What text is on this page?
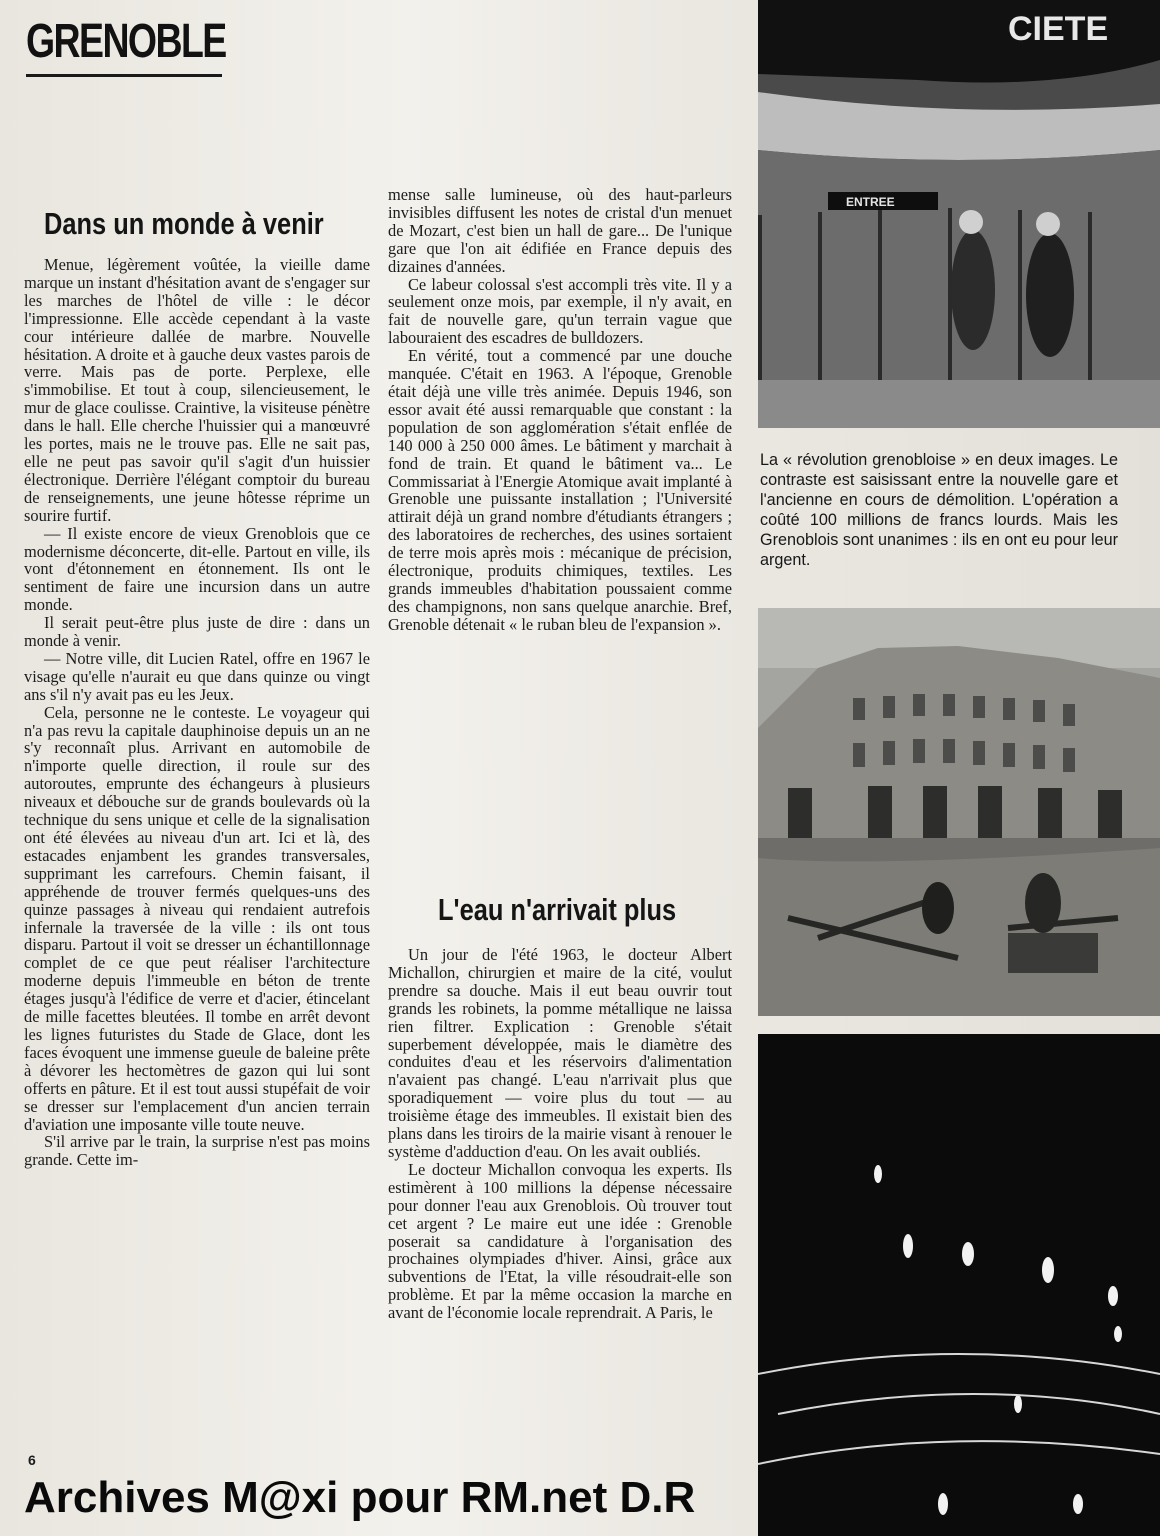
GRENOBLE
Dans un monde à venir

Menue, légèrement voûtée, la vieille dame marque un instant d'hésitation avant de s'engager sur les marches de l'hôtel de ville : le décor l'impressionne. Elle accède cependant à la vaste cour intérieure dallée de marbre. Nouvelle hésitation. A droite et à gauche deux vastes parois de verre. Mais pas de porte. Perplexe, elle s'immobilise. Et tout à coup, silencieusement, le mur de glace coulisse. Craintive, la visiteuse pénètre dans le hall. Elle cherche l'huissier qui a manœuvré les portes, mais ne le trouve pas. Elle ne sait pas, elle ne peut pas savoir qu'il s'agit d'un huissier électronique. Derrière l'élégant comptoir du bureau de renseignements, une jeune hôtesse réprime un sourire furtif.

— Il existe encore de vieux Grenoblois que ce modernisme déconcerte, dit-elle. Partout en ville, ils vont d'étonnement en étonnement. Ils ont le sentiment de faire une incursion dans un autre monde.

Il serait peut-être plus juste de dire : dans un monde à venir.

— Notre ville, dit Lucien Ratel, offre en 1967 le visage qu'elle n'aurait eu que dans quinze ou vingt ans s'il n'y avait pas eu les Jeux.

Cela, personne ne le conteste. Le voyageur qui n'a pas revu la capitale dauphinoise depuis un an ne s'y reconnaît plus. Arrivant en automobile de n'importe quelle direction, il roule sur des autoroutes, emprunte des échangeurs à plusieurs niveaux et débouche sur de grands boulevards où la technique du sens unique et celle de la signalisation ont été élevées au niveau d'un art. Ici et là, des estacades enjambent les grandes transversales, supprimant les carrefours. Chemin faisant, il appréhende de trouver fermés quelques-uns des quinze passages à niveau qui rendaient autrefois infernale la traversée de la ville : ils ont tous disparu. Partout il voit se dresser un échantillonnage complet de ce que peut réaliser l'architecture moderne depuis l'immeuble en béton de trente étages jusqu'à l'édifice de verre et d'acier, étincelant de mille facettes bleutées. Il tombe en arrêt devont les lignes futuristes du Stade de Glace, dont les faces évoquent une immense gueule de baleine prête à dévorer les hectomètres de gazon qui lui sont offerts en pâture. Et il est tout aussi stupéfait de voir se dresser sur l'emplacement d'un ancien terrain d'aviation une imposante ville toute neuve.

S'il arrive par le train, la surprise n'est pas moins grande. Cette im-

mense salle lumineuse, où des haut-parleurs invisibles diffusent les notes de cristal d'un menuet de Mozart, c'est bien un hall de gare... De l'unique gare que l'on ait édifiée en France depuis des dizaines d'années.

Ce labeur colossal s'est accompli très vite. Il y a seulement onze mois, par exemple, il n'y avait, en fait de nouvelle gare, qu'un terrain vague que labouraient des escadres de bulldozers.

En vérité, tout a commencé par une douche manquée. C'était en 1963. A l'époque, Grenoble était déjà une ville très animée. Depuis 1946, son essor avait été aussi remarquable que constant : la population de son agglomération s'était enflée de 140 000 à 250 000 âmes. Le bâtiment y marchait à fond de train. Et quand le bâtiment va... Le Commissariat à l'Energie Atomique avait implanté à Grenoble une puissante installation ; l'Université attirait déjà un grand nombre d'étudiants étrangers ; des laboratoires de recherches, des usines sortaient de terre mois après mois : mécanique de précision, électronique, produits chimiques, textiles. Les grands immeubles d'habitation poussaient comme des champignons, non sans quelque anarchie. Bref, Grenoble détenait « le ruban bleu de l'expansion ».

L'eau n'arrivait plus

Un jour de l'été 1963, le docteur Albert Michallon, chirurgien et maire de la cité, voulut prendre sa douche. Mais il eut beau ouvrir tout grands les robinets, la pomme métallique ne laissa rien filtrer. Explication : Grenoble s'était superbement développée, mais le diamètre des conduites d'eau et les réservoirs d'alimentation n'avaient pas changé. L'eau n'arrivait plus que sporadiquement — voire plus du tout — au troisième étage des immeubles. Il existait bien des plans dans les tiroirs de la mairie visant à renouer le système d'adduction d'eau. On les avait oubliés.

Le docteur Michallon convoqua les experts. Ils estimèrent à 100 millions la dépense nécessaire pour donner l'eau aux Grenoblois. Où trouver tout cet argent ? Le maire eut une idée : Grenoble poserait sa candidature à l'organisation des prochaines olympiades d'hiver. Ainsi, grâce aux subventions de l'Etat, la ville résoudrait-elle son problème. Et par la même occasion la marche en avant de l'économie locale reprendrait. A Paris, le

CIETE
ENTREE
La « révolution grenobloise » en deux images. Le contraste est saisissant entre la nouvelle gare et l'ancienne en cours de démolition. L'opération a coûté 100 millions de francs lourds. Mais les Grenoblois sont unanimes : ils en ont eu pour leur argent.
6
Archives M@xi pour RM.net D.R
